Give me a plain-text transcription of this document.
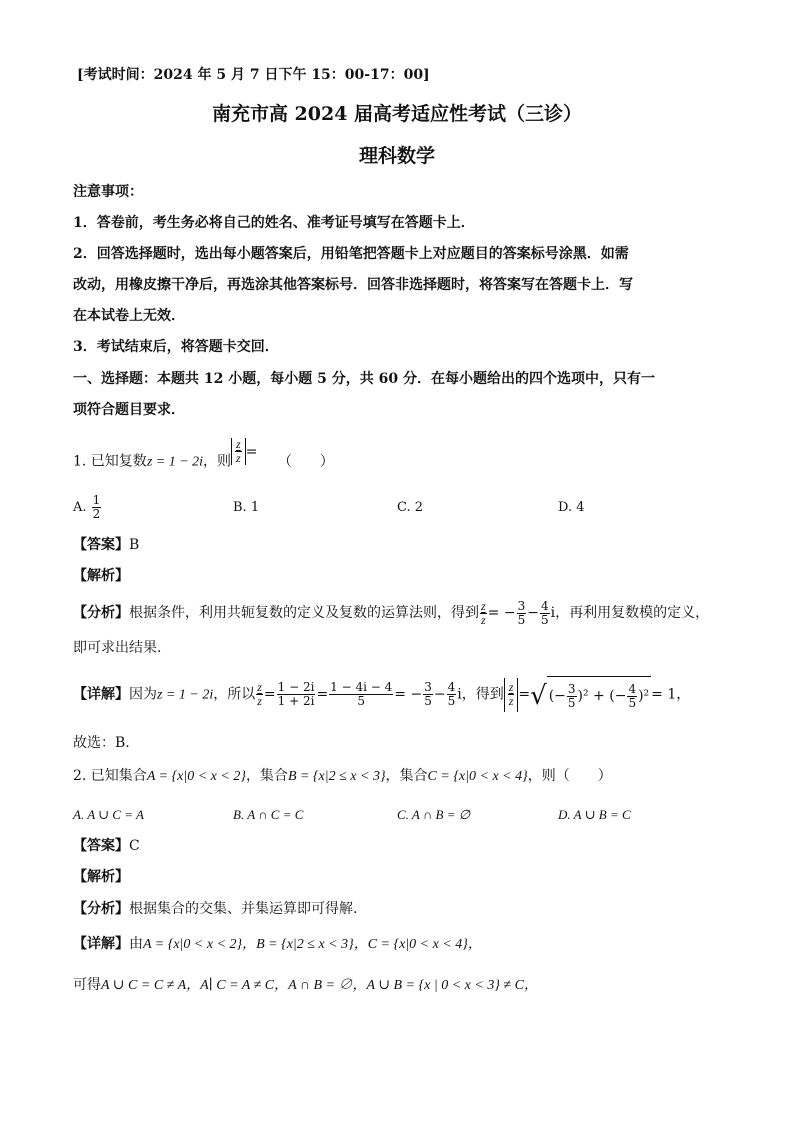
[考试时间：2024 年 5 月 7 日下午 15：00-17：00]
南充市高 2024 届高考适应性考试（三诊）
理科数学
注意事项：
1．答卷前，考生务必将自己的姓名、准考证号填写在答题卡上．
2．回答选择题时，选出每小题答案后，用铅笔把答题卡上对应题目的答案标号涂黑．如需
改动，用橡皮擦干净后，再选涂其他答案标号．回答非选择题时，将答案写在答题卡上．写
在本试卷上无效．
3．考试结束后，将答题卡交回．
一、选择题：本题共 12 小题，每小题 5 分，共 60 分．在每小题给出的四个选项中，只有一
项符合题目要求．
1. 已知复数z = 1 − 2i，则 $\frac{z}{z}$ = （　　）
A. $\frac{1}{2}$	B. 1	C. 2	D. 4
【答案】B
【解析】
【分析】根据条件，利用共轭复数的定义及复数的运算法则，得到 $\frac{z}{z}$ = − $\frac{3}{5} - \frac{4}{5}$ i，再利用复数模的定义，
即可求出结果.
【详解】因为z = 1 − 2i，所以 $\frac{z}{z} = \frac{1 - 2i}{1 + 2i} = \frac{1 - 4i - 4}{5}$ = − $\frac{3}{5} - \frac{4}{5}$ i，得到 $\frac{z}{z}$ =√ (− $\frac{3}{5} )^2$ + (− $\frac{4}{5} )^2 = 1$，
故选：B.
2. 已知集合A = {x|0 < x < 2}，集合B = {x|2 ≤ x < 3}，集合C = {x|0 < x < 4}，则（　　）
A. A ∪ C = A	B. A ∩ C = C	C. A ∩ B = ∅	D. A ∪ B = C
【答案】C
【解析】
【分析】根据集合的交集、并集运算即可得解.
【详解】由A = {x|0 < x < 2}，B = {x|2 ≤ x < 3}，C = {x|0 < x < 4}，
可得A ∪ C = C ≠ A，A∣ C = A ≠ C，A ∩ B = ∅，A ∪ B = {x | 0 < x < 3} ≠ C，
